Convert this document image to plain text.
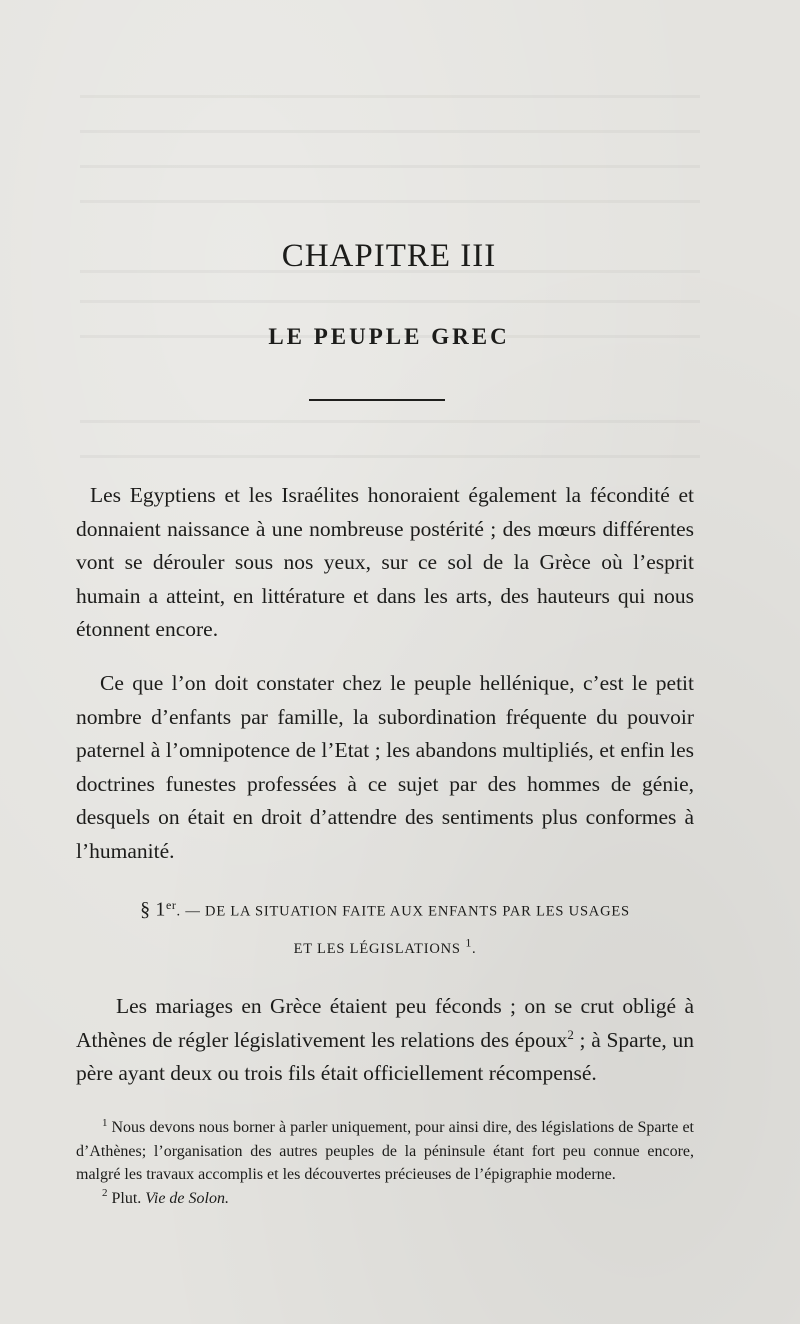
CHAPITRE III
LE PEUPLE GREC

Les Egyptiens et les Israélites honoraient également la fécondité et donnaient naissance à une nombreuse postérité ; des mœurs différentes vont se dérouler sous nos yeux, sur ce sol de la Grèce où l’esprit humain a atteint, en littérature et dans les arts, des hauteurs qui nous étonnent encore.

Ce que l’on doit constater chez le peuple hellénique, c’est le petit nombre d’enfants par famille, la subordination fréquente du pouvoir paternel à l’omnipotence de l’Etat ; les abandons multipliés, et enfin les doctrines funestes professées à ce sujet par des hommes de génie, desquels on était en droit d’attendre des sentiments plus conformes à l’humanité.

§ 1er. — DE LA SITUATION FAITE AUX ENFANTS PAR LES USAGES
ET LES LÉGISLATIONS $^1$.

Les mariages en Grèce étaient peu féconds ; on se crut obligé à Athènes de régler législativement les relations des époux$^2$ ; à Sparte, un père ayant deux ou trois fils était officiellement récompensé.

$^1$ Nous devons nous borner à parler uniquement, pour ainsi dire, des législations de Sparte et d’Athènes; l’organisation des autres peuples de la péninsule étant fort peu connue encore, malgré les travaux accomplis et les découvertes précieuses de l’épigraphie moderne.

$^2$ Plut. Vie de Solon.
